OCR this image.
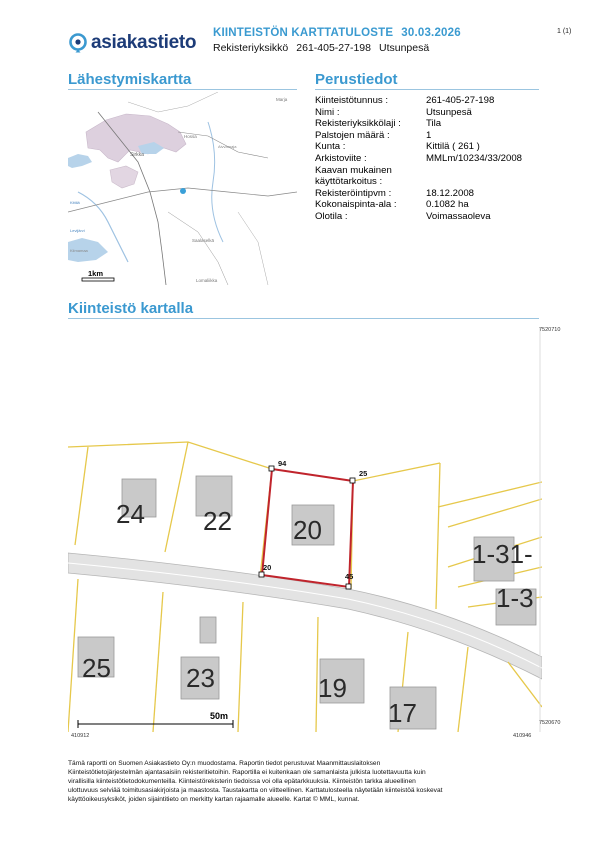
asiakastieto KIINTEISTÖN KARTTATULOSTE 30.03.2026
Rekisteriyksikkö 261-405-27-198 Utsunpesä
1 (1)
Lähestymiskartta	Perustiedot
Kiinteistö kartalla
Marja
Sirkka
Hossa
Aivvamaja
Kittilä
Levijärvi
Saalaselkä
Kiimamaa
Lomaliikka
1km
Kiinteistötunnus :	261-405-27-198
Nimi :	Utsunpesä
Rekisteriyksikkölaji :	Tila
Palstojen määrä :	1
Kunta :	Kittilä ( 261 )
Arkistoviite :	MMLm/10234/33/2008
Kaavan mukainen
käyttötarkoitus :
Rekisteröintipvm :	18.12.2008
Kokonaispinta-ala :	0.1082 ha
Olotila :	Voimassaoleva
94
25
20
45
24 22 20
25	23	19
17
1-31-
1-3
50m
7520710
7520670
410912	410946
Tämä raportti on Suomen Asiakastieto Oy:n muodostama. Raportin tiedot perustuvat Maanmittauslaitoksen
Kiinteistötietojärjestelmän ajantasaisiin rekisteritietoihin. Raportilla ei kuitenkaan ole samanlaista julkista luotettavuutta kuin
virallisilla kiinteistötietodokumenteilla. Kiinteistörekisterin tiedoissa voi olla epätarkkuuksia. Kiinteistön tarkka alueellinen
ulottuvuus selviää toimitusasiakirjoista ja maastosta. Taustakartta on viitteellinen. Karttatulosteella näytetään kiinteistöä koskevat
käyttöoikeusyksiköt, joiden sijaintitieto on merkitty kartan rajaamalle alueelle. Kartat © MML, kunnat.
